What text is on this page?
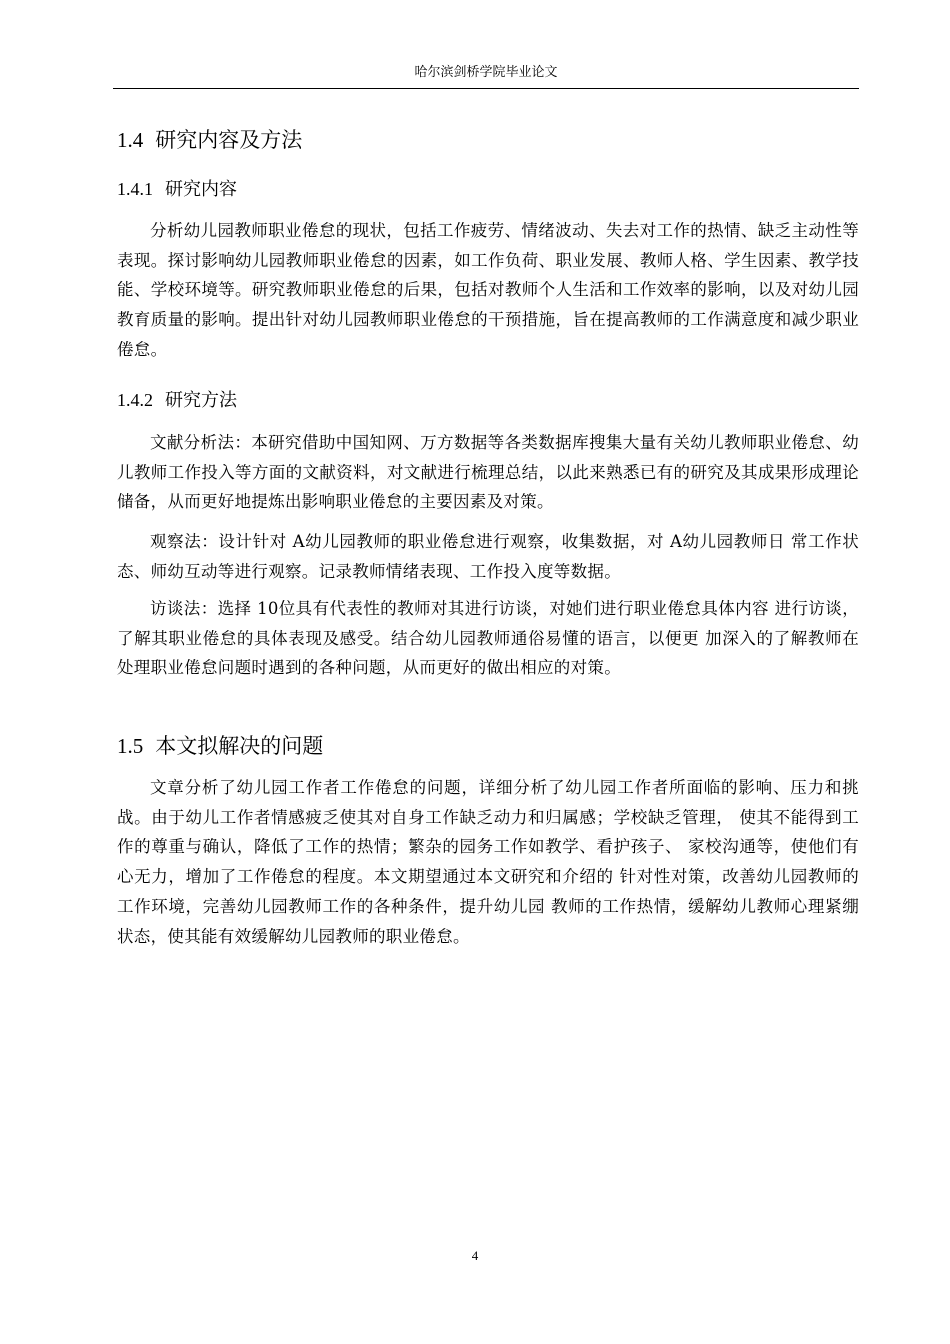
哈尔滨剑桥学院毕业论文
1.4 研究内容及方法
1.4.1 研究内容
分析幼儿园教师职业倦怠的现状，包括工作疲劳、情绪波动、失去对工作的热情、缺乏主动性等表现。探讨影响幼儿园教师职业倦怠的因素，如工作负荷、职业发展、教师人格、学生因素、教学技能、学校环境等。研究教师职业倦怠的后果，包括对教师个人生活和工作效率的影响，以及对幼儿园教育质量的影响。提出针对幼儿园教师职业倦怠的干预措施，旨在提高教师的工作满意度和减少职业倦怠。
1.4.2 研究方法
文献分析法：本研究借助中国知网、万方数据等各类数据库搜集大量有关幼儿教师职业倦怠、幼儿教师工作投入等方面的文献资料，对文献进行梳理总结，以此来熟悉已有的研究及其成果形成理论储备，从而更好地提炼出影响职业倦怠的主要因素及对策。
观察法：设计针对 A幼儿园教师的职业倦怠进行观察，收集数据，对 A幼儿园教师日 常工作状态、师幼互动等进行观察。记录教师情绪表现、工作投入度等数据。
访谈法：选择 10位具有代表性的教师对其进行访谈，对她们进行职业倦怠具体内容 进行访谈，了解其职业倦怠的具体表现及感受。结合幼儿园教师通俗易懂的语言，以便更 加深入的了解教师在处理职业倦怠问题时遇到的各种问题，从而更好的做出相应的对策。
1.5 本文拟解决的问题
文章分析了幼儿园工作者工作倦怠的问题，详细分析了幼儿园工作者所面临的影响、压力和挑战。由于幼儿工作者情感疲乏使其对自身工作缺乏动力和归属感；学校缺乏管理， 使其不能得到工作的尊重与确认，降低了工作的热情；繁杂的园务工作如教学、看护孩子、 家校沟通等，使他们有心无力，增加了工作倦怠的程度。本文期望通过本文研究和介绍的 针对性对策，改善幼儿园教师的工作环境，完善幼儿园教师工作的各种条件，提升幼儿园 教师的工作热情，缓解幼儿教师心理紧绷状态，使其能有效缓解幼儿园教师的职业倦怠。
4
